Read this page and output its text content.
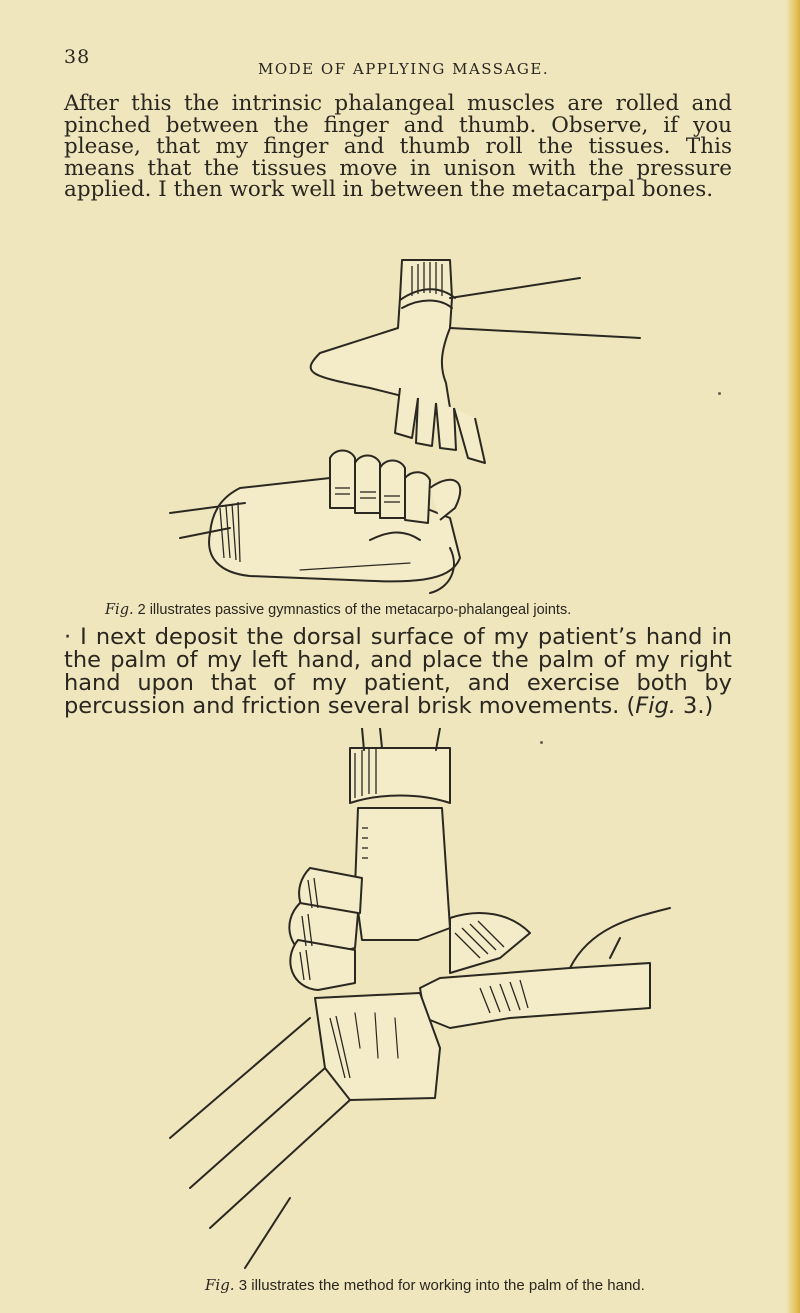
38
MODE OF APPLYING MASSAGE.

After this the intrinsic phalangeal muscles are rolled and pinched between the finger and thumb. Observe, if you please, that my finger and thumb roll the tissues. This means that the tissues move in unison with the pressure applied. I then work well in between the metacarpal bones.

Fig. 2 illustrates passive gymnastics of the metacarpo-phalangeal joints.

· I next deposit the dorsal surface of my patient’s hand in the palm of my left hand, and place the palm of my right hand upon that of my patient, and exercise both by percussion and friction several brisk movements. (Fig. 3.)

Fig. 3 illustrates the method for working into the palm of the hand.
